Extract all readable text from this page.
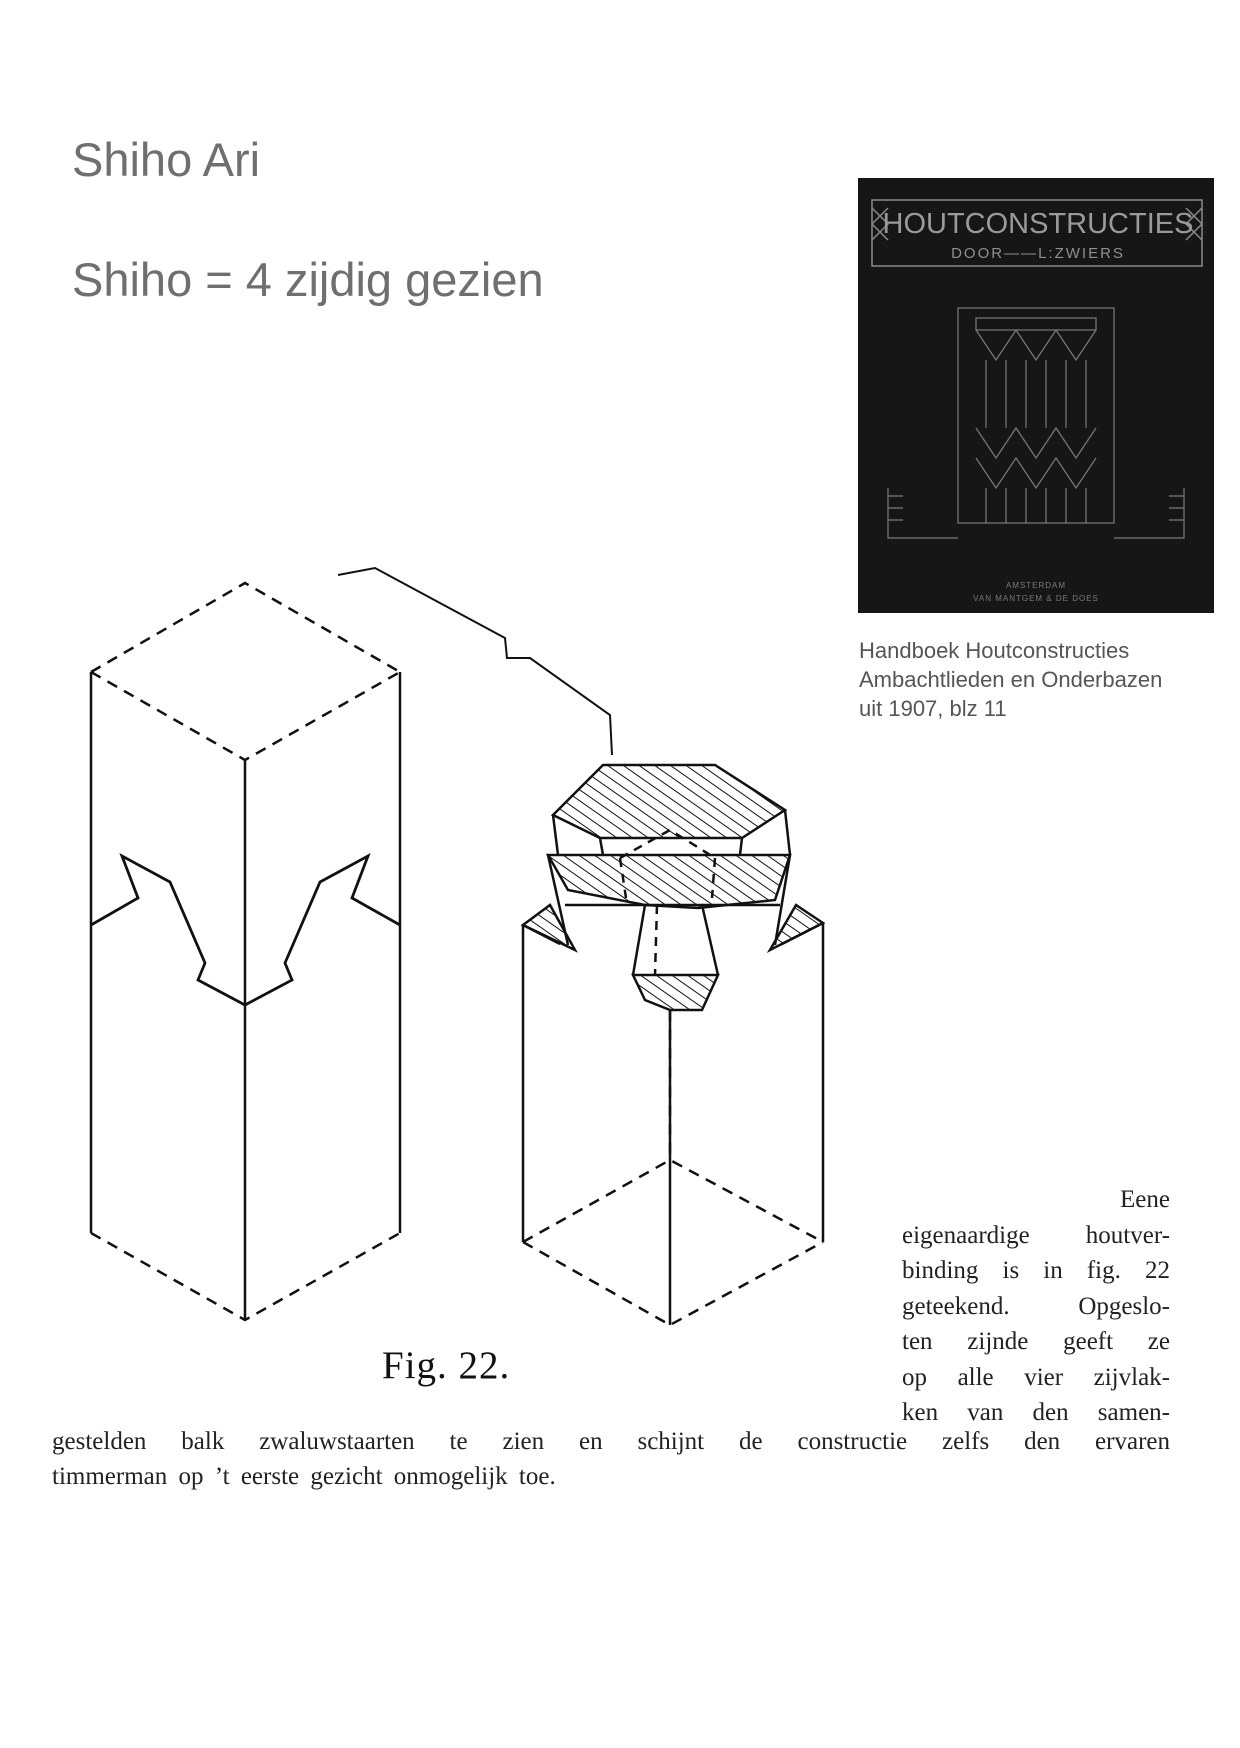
Shiho Ari
Shiho = 4 zijdig gezien
HOUTCONSTRUCTIES
DOOR——L:ZWIERS
AMSTERDAM
VAN MANTGEM & DE DOES
Handboek Houtconstructies
Ambachtlieden en Onderbazen
uit 1907, blz 11
Fig. 22.
Eene
eigenaardige houtver-
binding is in fig. 22
geteekend. Opgeslo-
ten zijnde geeft ze
op alle vier zijvlak-
ken van den samen-
gestelden balk zwaluwstaarten te zien en schijnt de constructie zelfs den ervaren
timmerman op ’t eerste gezicht onmogelijk toe.
